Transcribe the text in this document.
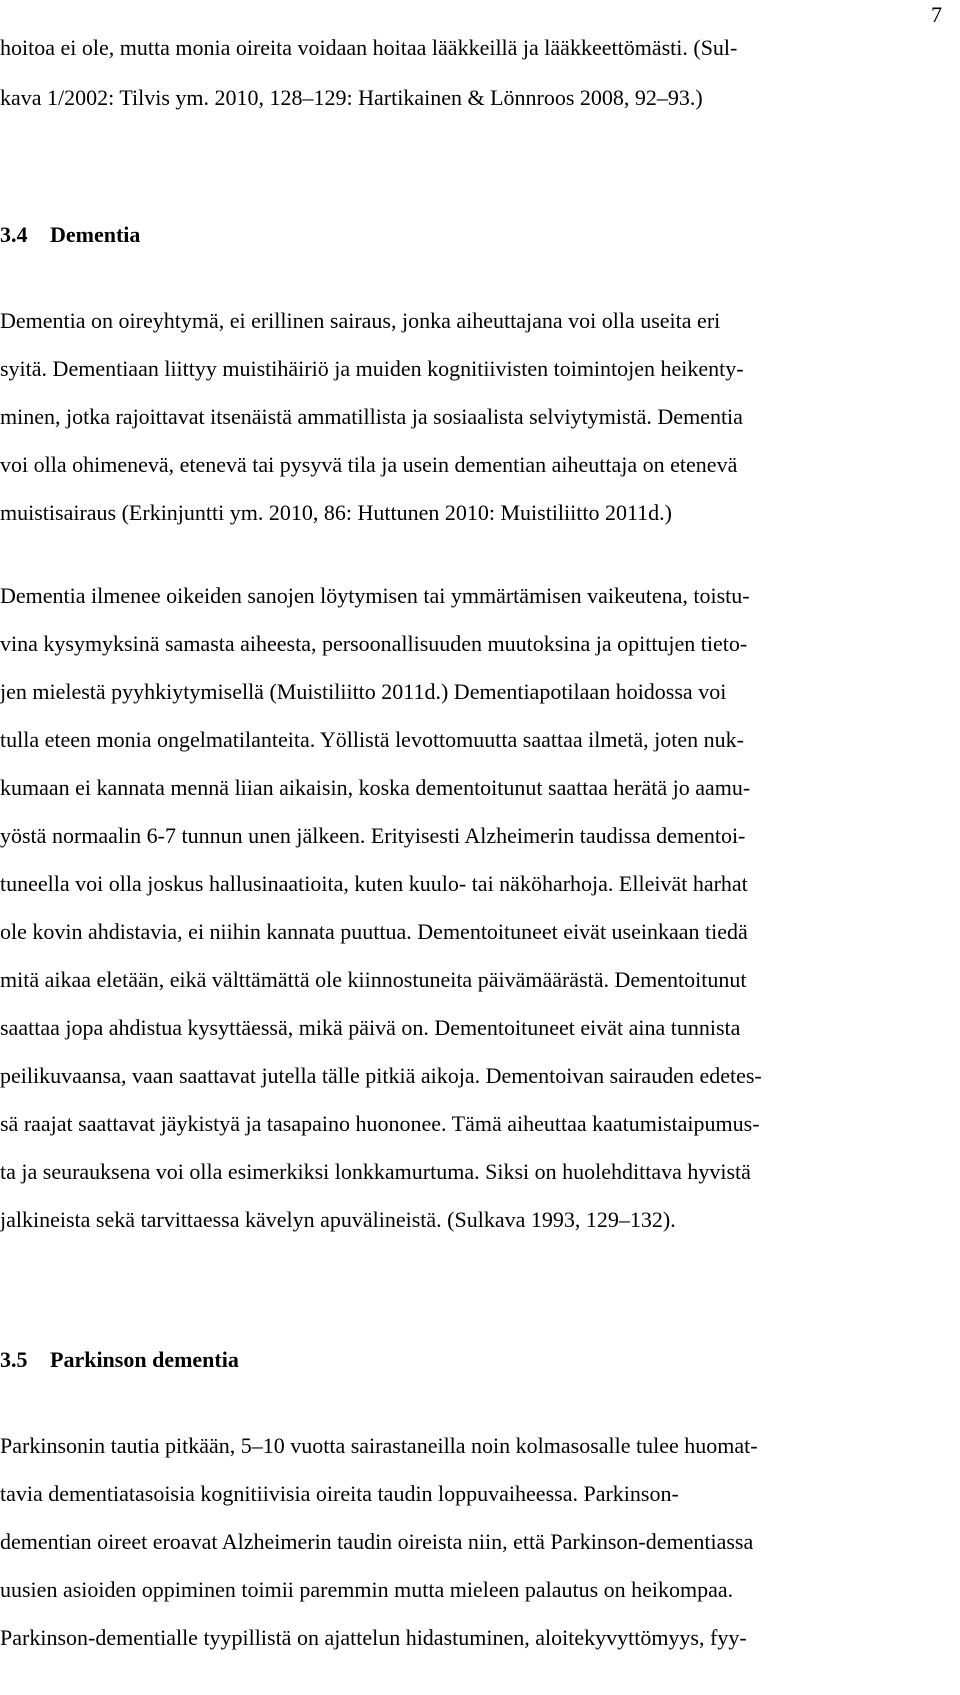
7
hoitoa ei ole, mutta monia oireita voidaan hoitaa lääkkeillä ja lääkkeettömästi. (Sul-
kava 1/2002: Tilvis ym. 2010, 128‒129: Hartikainen & Lönnroos 2008, 92‒93.)
3.4 Dementia
Dementia on oireyhtymä, ei erillinen sairaus, jonka aiheuttajana voi olla useita eri
syitä. Dementiaan liittyy muistihäiriö ja muiden kognitiivisten toimintojen heikenty-
minen, jotka rajoittavat itsenäistä ammatillista ja sosiaalista selviytymistä. Dementia
voi olla ohimenevä, etenevä tai pysyvä tila ja usein dementian aiheuttaja on etenevä
muistisairaus (Erkinjuntti ym. 2010, 86: Huttunen 2010: Muistiliitto 2011d.)
Dementia ilmenee oikeiden sanojen löytymisen tai ymmärtämisen vaikeutena, toistu-
vina kysymyksinä samasta aiheesta, persoonallisuuden muutoksina ja opittujen tieto-
jen mielestä pyyhkiytymisellä (Muistiliitto 2011d.) Dementiapotilaan hoidossa voi
tulla eteen monia ongelmatilanteita. Yöllistä levottomuutta saattaa ilmetä, joten nuk-
kumaan ei kannata mennä liian aikaisin, koska dementoitunut saattaa herätä jo aamu-
yöstä normaalin 6-7 tunnun unen jälkeen. Erityisesti Alzheimerin taudissa dementoi-
tuneella voi olla joskus hallusinaatioita, kuten kuulo- tai näköharhoja. Elleivät harhat
ole kovin ahdistavia, ei niihin kannata puuttua. Dementoituneet eivät useinkaan tiedä
mitä aikaa eletään, eikä välttämättä ole kiinnostuneita päivämäärästä. Dementoitunut
saattaa jopa ahdistua kysyttäessä, mikä päivä on. Dementoituneet eivät aina tunnista
peilikuvaansa, vaan saattavat jutella tälle pitkiä aikoja. Dementoivan sairauden edetes-
sä raajat saattavat jäykistyä ja tasapaino huononee. Tämä aiheuttaa kaatumistaipumus-
ta ja seurauksena voi olla esimerkiksi lonkkamurtuma. Siksi on huolehdittava hyvistä
jalkineista sekä tarvittaessa kävelyn apuvälineistä. (Sulkava 1993, 129‒132).
3.5 Parkinson dementia
Parkinsonin tautia pitkään, 5‒10 vuotta sairastaneilla noin kolmasosalle tulee huomat-
tavia dementiatasoisia kognitiivisia oireita taudin loppuvaiheessa. Parkinson-
dementian oireet eroavat Alzheimerin taudin oireista niin, että Parkinson-dementiassa
uusien asioiden oppiminen toimii paremmin mutta mieleen palautus on heikompaa.
Parkinson-dementialle tyypillistä on ajattelun hidastuminen, aloitekyvyttömyys, fyy-
